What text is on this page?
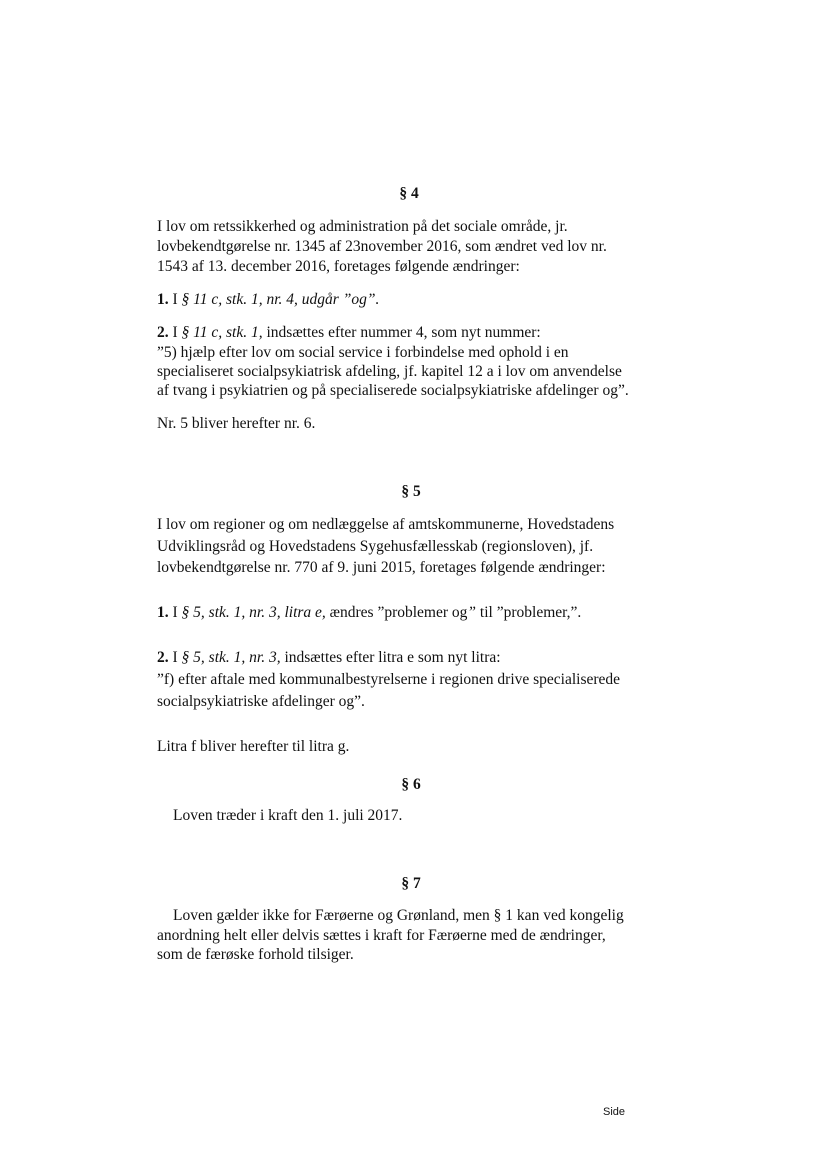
§ 4

I lov om retssikkerhed og administration på det sociale område, jr.

lovbekendtgørelse nr. 1345 af 23november 2016, som ændret ved lov nr.

1543 af 13. december 2016, foretages følgende ændringer:

1. I § 11 c, stk. 1, nr. 4, udgår ”og”.

2. I § 11 c, stk. 1, indsættes efter nummer 4, som nyt nummer:

”5) hjælp efter lov om social service i forbindelse med ophold i en

specialiseret socialpsykiatrisk afdeling, jf. kapitel 12 a i lov om anvendelse

af tvang i psykiatrien og på specialiserede socialpsykiatriske afdelinger og”.

Nr. 5 bliver herefter nr. 6.

§ 5

I lov om regioner og om nedlæggelse af amtskommunerne, Hovedstadens

Udviklingsråd og Hovedstadens Sygehusfællesskab (regionsloven), jf.

lovbekendtgørelse nr. 770 af 9. juni 2015, foretages følgende ændringer:

1. I § 5, stk. 1, nr. 3, litra e, ændres ”problemer og” til ”problemer,”.

2. I § 5, stk. 1, nr. 3, indsættes efter litra e som nyt litra:

”f) efter aftale med kommunalbestyrelserne i regionen drive specialiserede

socialpsykiatriske afdelinger og”.

Litra f bliver herefter til litra g.

§ 6

Loven træder i kraft den 1. juli 2017.

§ 7

Loven gælder ikke for Færøerne og Grønland, men § 1 kan ved kongelig

anordning helt eller delvis sættes i kraft for Færøerne med de ændringer,

som de færøske forhold tilsiger.

Side
